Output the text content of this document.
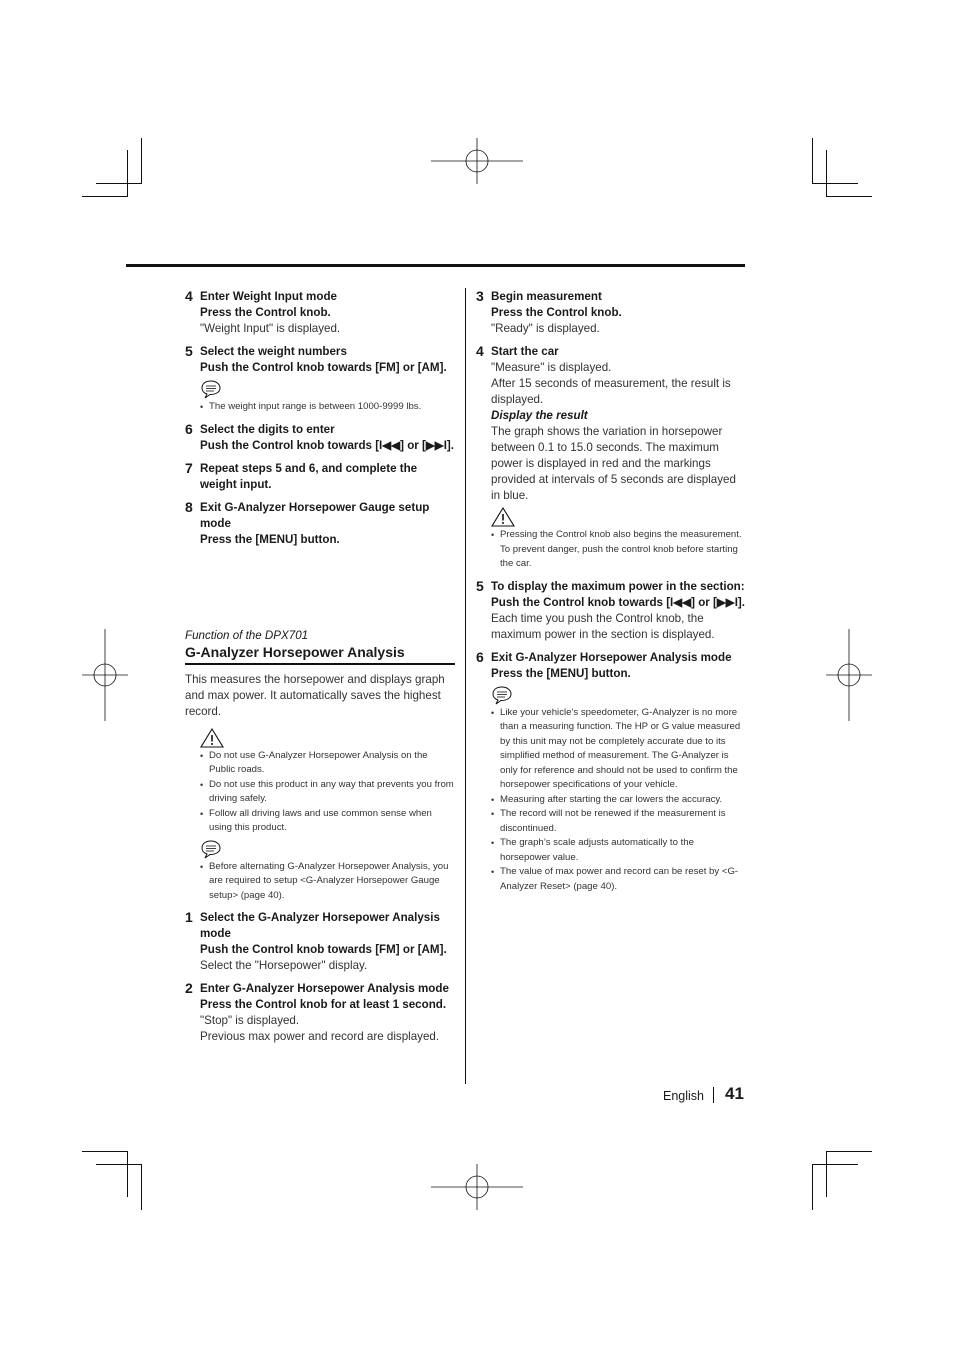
4 Enter Weight Input mode
Press the Control knob.
"Weight Input" is displayed.
5 Select the weight numbers
Push the Control knob towards [FM] or [AM].
• The weight input range is between 1000-9999 lbs.
6 Select the digits to enter
Push the Control knob towards [I◀◀] or [▶▶I].
7 Repeat steps 5 and 6, and complete the weight input.
8 Exit G-Analyzer Horsepower Gauge setup mode
Press the [MENU] button.
Function of the DPX701
G-Analyzer Horsepower Analysis
This measures the horsepower and displays graph and max power. It automatically saves the highest record.
• Do not use G-Analyzer Horsepower Analysis on the Public roads.
• Do not use this product in any way that prevents you from driving safely.
• Follow all driving laws and use common sense when using this product.
• Before alternating G-Analyzer Horsepower Analysis, you are required to setup <G-Analyzer Horsepower Gauge setup> (page 40).
1 Select the G-Analyzer Horsepower Analysis mode
Push the Control knob towards [FM] or [AM].
Select the "Horsepower" display.
2 Enter G-Analyzer Horsepower Analysis mode
Press the Control knob for at least 1 second.
"Stop" is displayed.
Previous max power and record are displayed.
3 Begin measurement
Press the Control knob.
"Ready" is displayed.
4 Start the car
"Measure" is displayed.
After 15 seconds of measurement, the result is displayed.
Display the result
The graph shows the variation in horsepower between 0.1 to 15.0 seconds. The maximum power is displayed in red and the markings provided at intervals of 5 seconds are displayed in blue.
• Pressing the Control knob also begins the measurement. To prevent danger, push the control knob before starting the car.
5 To display the maximum power in the section:
Push the Control knob towards [I◀◀] or [▶▶I].
Each time you push the Control knob, the maximum power in the section is displayed.
6 Exit G-Analyzer Horsepower Analysis mode
Press the [MENU] button.
• Like your vehicle’s speedometer, G-Analyzer is no more than a measuring function. The HP or G value measured by this unit may not be completely accurate due to its simplified method of measurement. The G-Analyzer is only for reference and should not be used to confirm the horsepower specifications of your vehicle.
• Measuring after starting the car lowers the accuracy.
• The record will not be renewed if the measurement is discontinued.
• The graph’s scale adjusts automatically to the horsepower value.
• The value of max power and record can be reset by <G-Analyzer Reset> (page 40).
English 41
